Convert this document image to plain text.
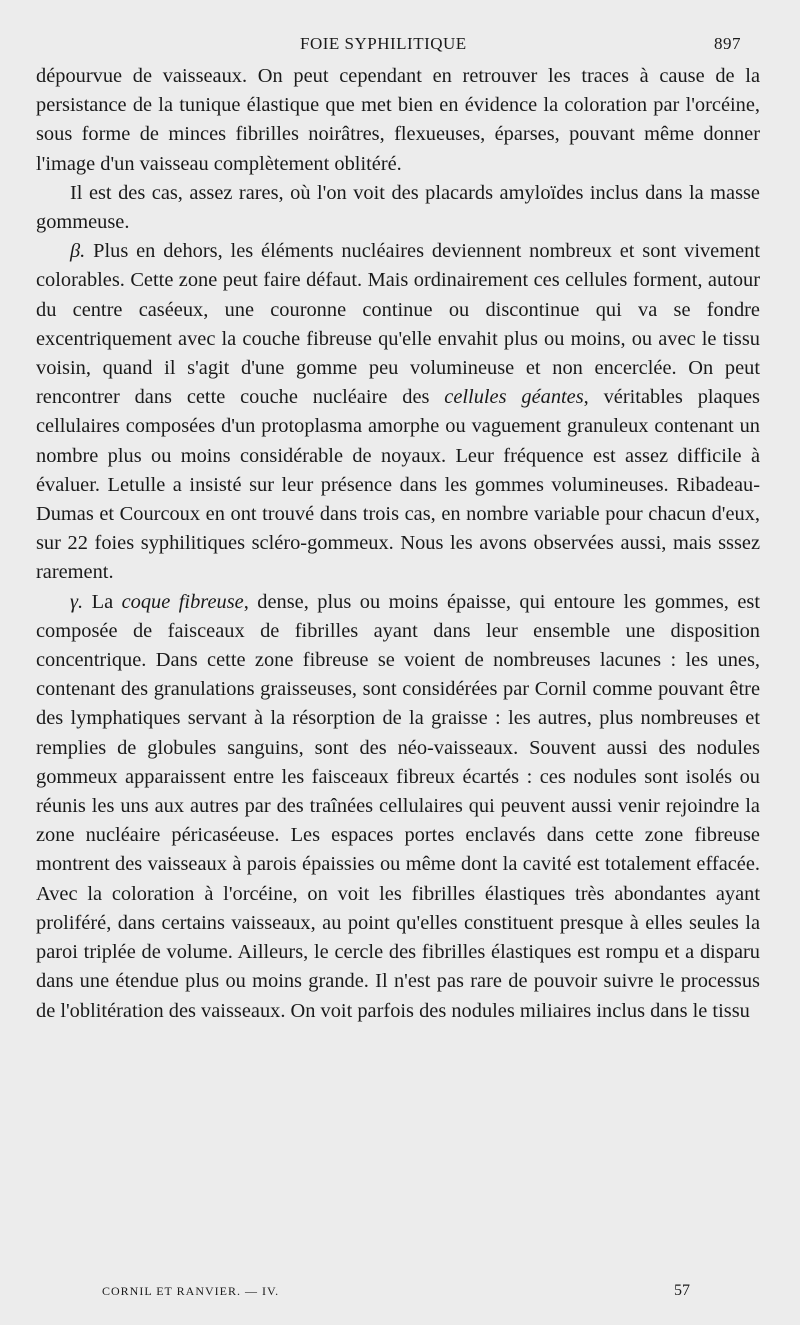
FOIE SYPHILITIQUE	897

dépourvue de vaisseaux. On peut cependant en retrouver les traces à cause de la persistance de la tunique élastique que met bien en évidence la coloration par l'orcéine, sous forme de minces fibrilles noirâtres, flexueuses, éparses, pouvant même donner l'image d'un vaisseau complètement oblitéré.

Il est des cas, assez rares, où l'on voit des placards amyloïdes inclus dans la masse gommeuse.

β. Plus en dehors, les éléments nucléaires deviennent nombreux et sont vivement colorables. Cette zone peut faire défaut. Mais ordinairement ces cellules forment, autour du centre caséeux, une couronne continue ou discontinue qui va se fondre excentriquement avec la couche fibreuse qu'elle envahit plus ou moins, ou avec le tissu voisin, quand il s'agit d'une gomme peu volumineuse et non encerclée. On peut rencontrer dans cette couche nucléaire des cellules géantes, véritables plaques cellulaires composées d'un protoplasma amorphe ou vaguement granuleux contenant un nombre plus ou moins considérable de noyaux. Leur fréquence est assez difficile à évaluer. Letulle a insisté sur leur présence dans les gommes volumineuses. Ribadeau-Dumas et Courcoux en ont trouvé dans trois cas, en nombre variable pour chacun d'eux, sur 22 foies syphilitiques scléro-gommeux. Nous les avons observées aussi, mais sssez rarement.

γ. La coque fibreuse, dense, plus ou moins épaisse, qui entoure les gommes, est composée de faisceaux de fibrilles ayant dans leur ensemble une disposition concentrique. Dans cette zone fibreuse se voient de nombreuses lacunes : les unes, contenant des granulations graisseuses, sont considérées par Cornil comme pouvant être des lymphatiques servant à la résorption de la graisse : les autres, plus nombreuses et remplies de globules sanguins, sont des néo-vaisseaux. Souvent aussi des nodules gommeux apparaissent entre les faisceaux fibreux écartés : ces nodules sont isolés ou réunis les uns aux autres par des traînées cellulaires qui peuvent aussi venir rejoindre la zone nucléaire péricaséeuse. Les espaces portes enclavés dans cette zone fibreuse montrent des vaisseaux à parois épaissies ou même dont la cavité est totalement effacée. Avec la coloration à l'orcéine, on voit les fibrilles élastiques très abondantes ayant proliféré, dans certains vaisseaux, au point qu'elles constituent presque à elles seules la paroi triplée de volume. Ailleurs, le cercle des fibrilles élastiques est rompu et a disparu dans une étendue plus ou moins grande. Il n'est pas rare de pouvoir suivre le processus de l'oblitération des vaisseaux. On voit parfois des nodules miliaires inclus dans le tissu

CORNIL ET RANVIER. — IV.	57
